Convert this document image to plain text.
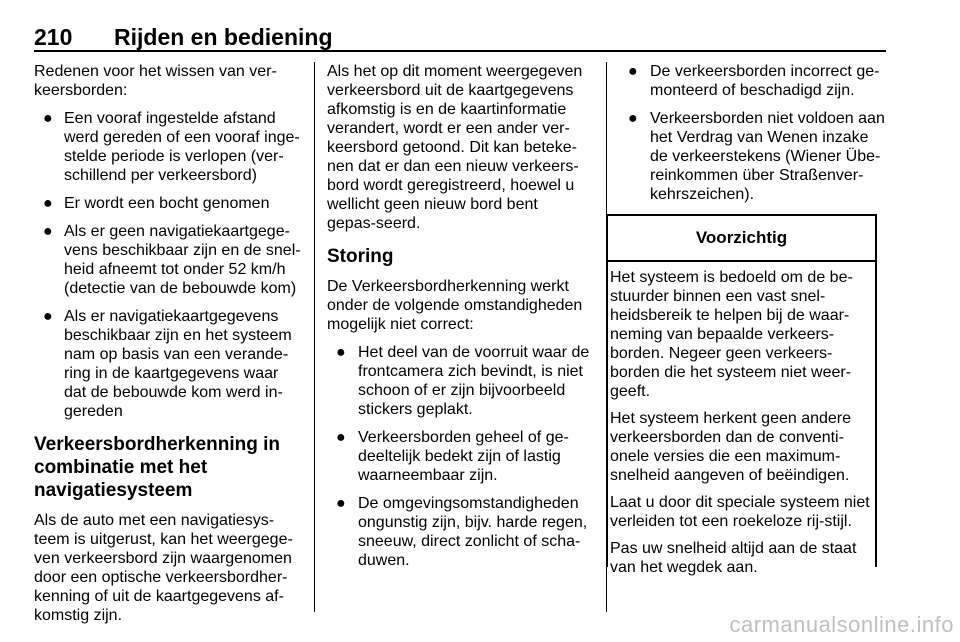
210 Rijden en bediening

Redenen voor het wissen van ver-keersborden:

● Een vooraf ingestelde afstand werd gereden of een vooraf inge-stelde periode is verlopen (ver-schillend per verkeersbord)
● Er wordt een bocht genomen
● Als er geen navigatiekaartgege-vens beschikbaar zijn en de snel-heid afneemt tot onder 52 km/h (detectie van de bebouwde kom)
● Als er navigatiekaartgegevens beschikbaar zijn en het systeem nam op basis van een verande-ring in de kaartgegevens waar dat de bebouwde kom werd in-gereden
Verkeersbordherkenning in combinatie met het navigatiesysteem

Als de auto met een navigatiesys-teem is uitgerust, kan het weergege-ven verkeersbord zijn waargenomen door een optische verkeersbordher-kenning of uit de kaartgegevens af-komstig zijn.

Als het op dit moment weergegeven verkeersbord uit de kaartgegevens afkomstig is en de kaartinformatie verandert, wordt er een ander ver-keersbord getoond. Dit kan beteke-nen dat er dan een nieuw verkeers-bord wordt geregistreerd, hoewel u wellicht geen nieuw bord bent gepas-seerd.

Storing

De Verkeersbordherkenning werkt onder de volgende omstandigheden mogelijk niet correct:

● Het deel van de voorruit waar de frontcamera zich bevindt, is niet schoon of er zijn bijvoorbeeld stickers geplakt.
● Verkeersborden geheel of ge-deeltelijk bedekt zijn of lastig waarneembaar zijn.
● De omgevingsomstandigheden ongunstig zijn, bijv. harde regen, sneeuw, direct zonlicht of scha-duwen.
● De verkeersborden incorrect ge-monteerd of beschadigd zijn.
● Verkeersborden niet voldoen aan het Verdrag van Wenen inzake de verkeerstekens (Wiener Übe-reinkommen über Straßenver-kehrszeichen).
Voorzichtig

Het systeem is bedoeld om de be-stuurder binnen een vast snel-heidsbereik te helpen bij de waar-neming van bepaalde verkeers-borden. Negeer geen verkeers-borden die het systeem niet weer-geeft.

Het systeem herkent geen andere verkeersborden dan de conventi-onele versies die een maximum-snelheid aangeven of beëindigen.

Laat u door dit speciale systeem niet verleiden tot een roekeloze rij-stijl.

Pas uw snelheid altijd aan de staat van het wegdek aan.

carmanualsonline.info
